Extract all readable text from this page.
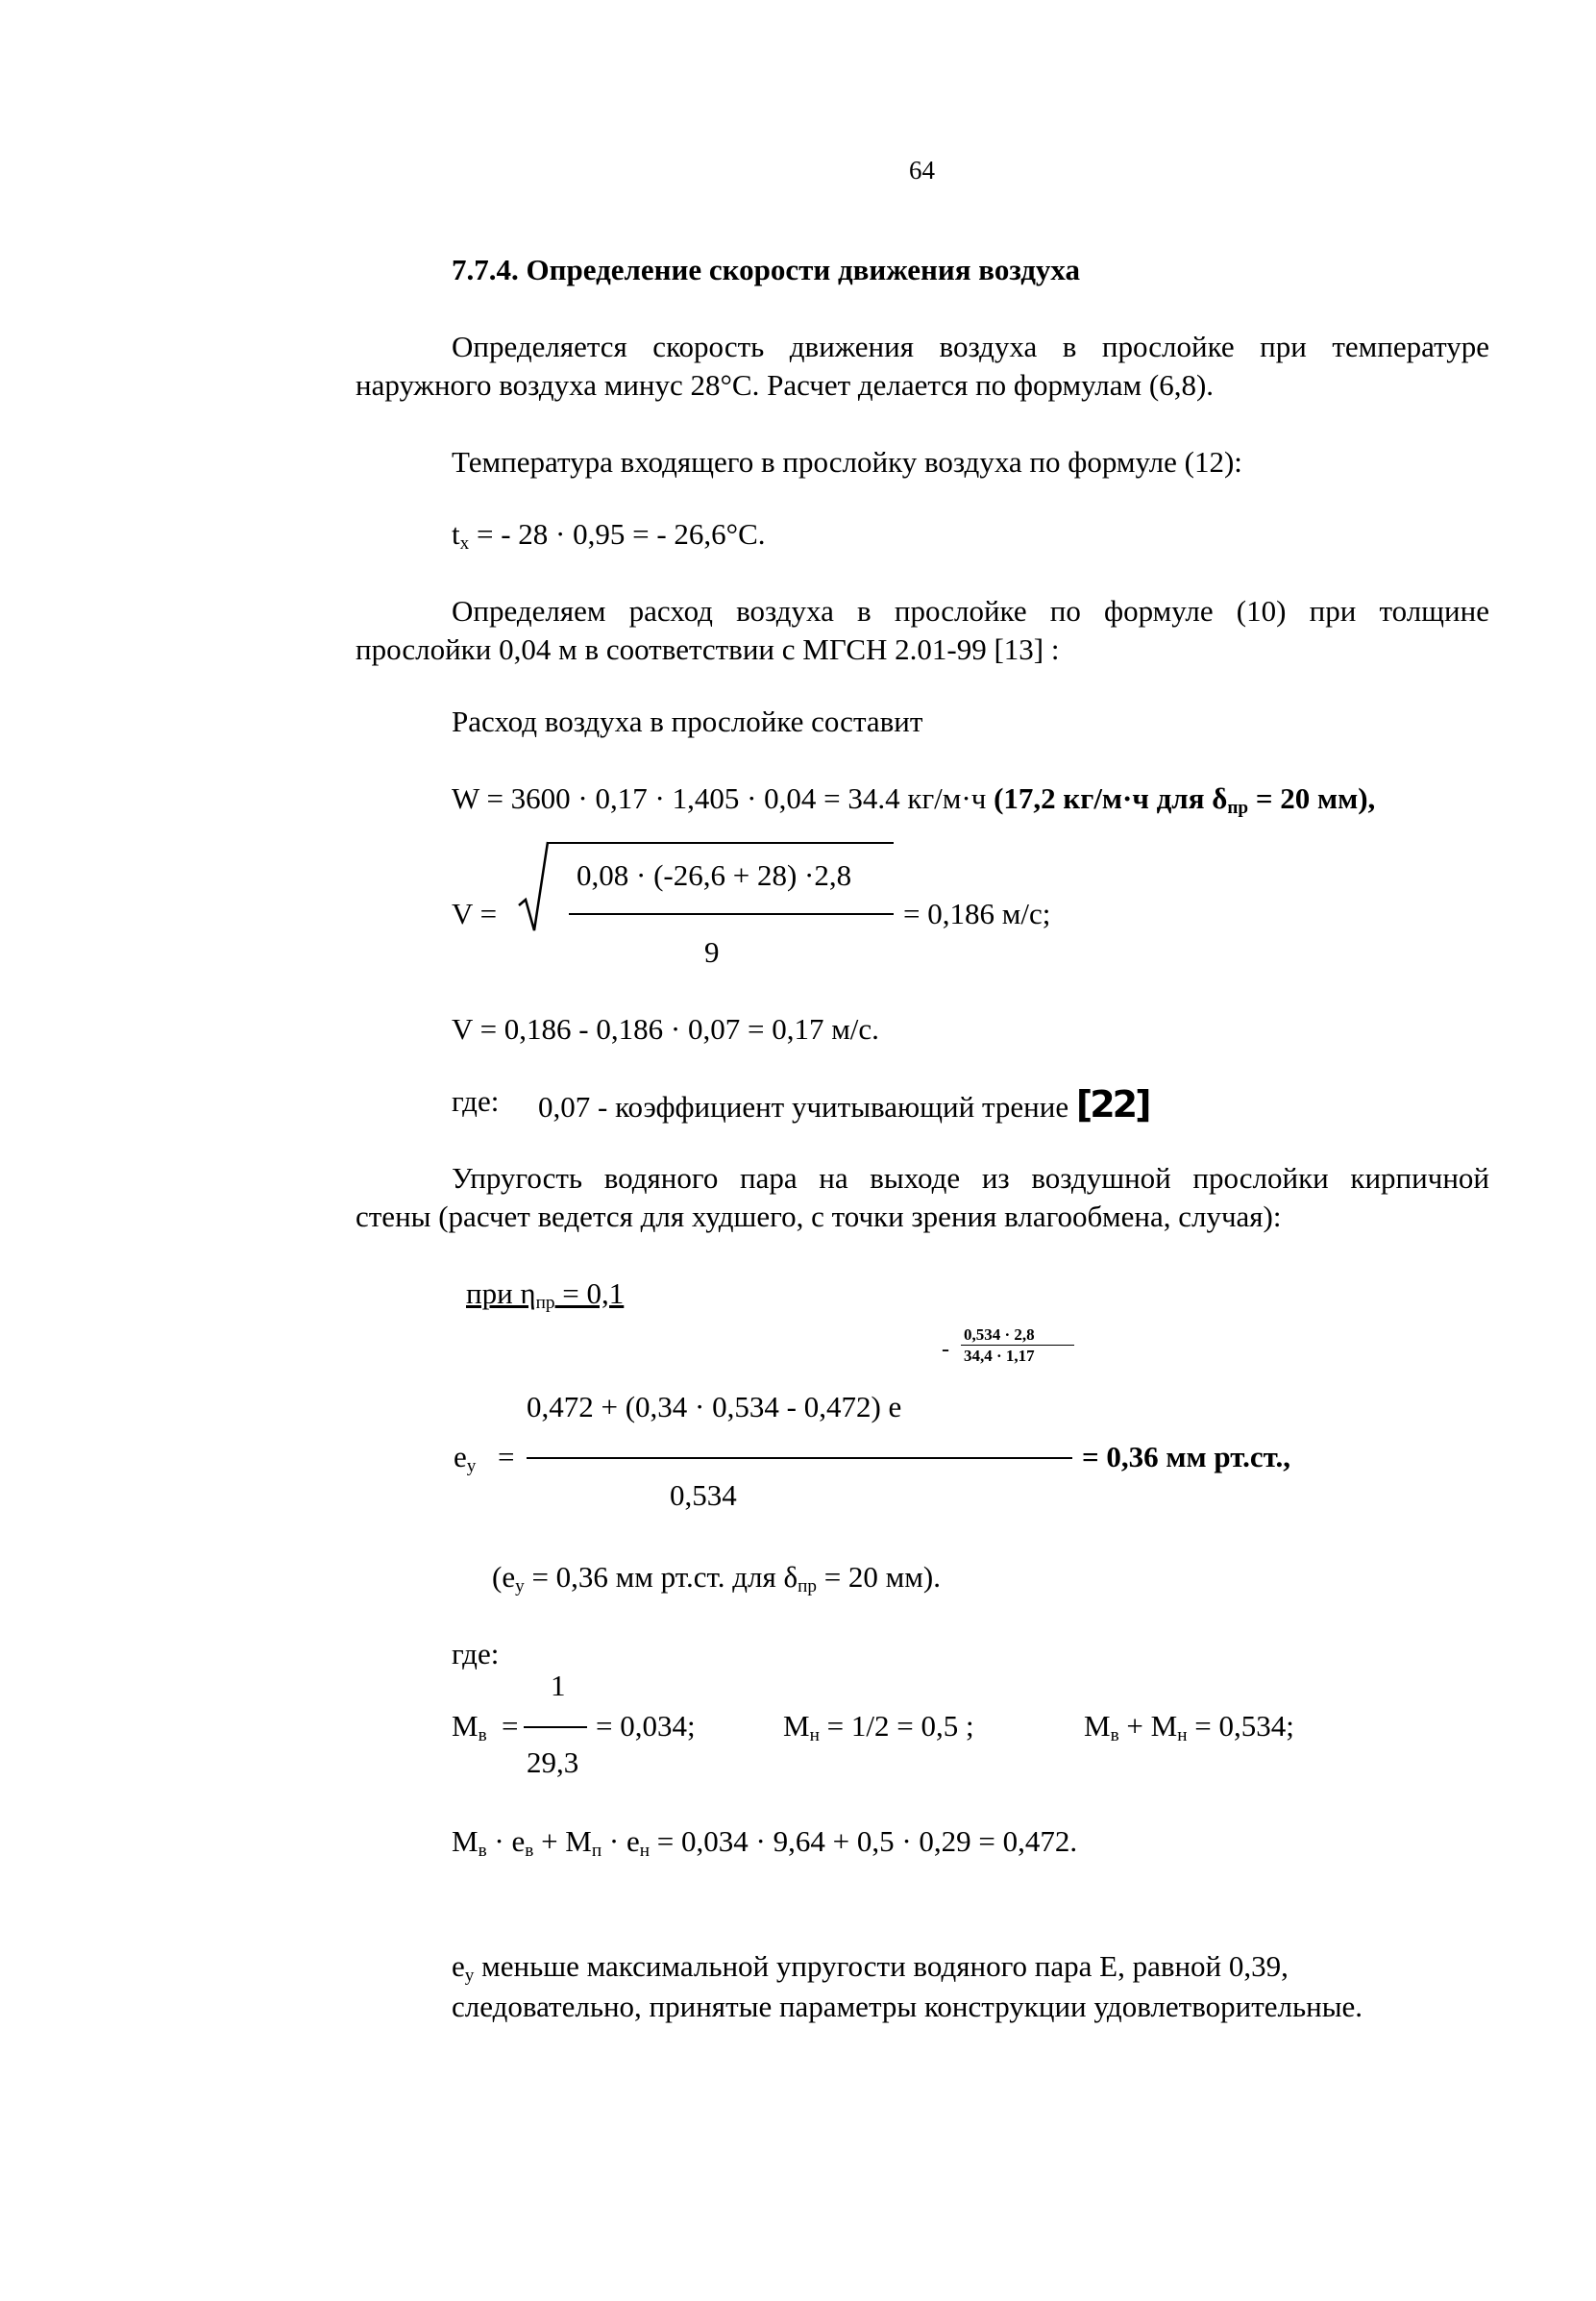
64
7.7.4. Определение скорости движения воздуха
Определяется скорость движения воздуха в прослойке при температуре
наружного воздуха минус 28°С. Расчет делается по формулам (6,8).
Температура входящего в прослойку воздуха по формуле (12):
$t_x$ = - 28 · 0,95 = - 26,6°С.
Определяем расход воздуха в прослойке по формуле (10) при толщине
прослойки 0,04 м в соответствии с МГСН 2.01-99 [13] :
Расход воздуха в прослойке составит
W = 3600 · 0,17 · 1,405 · 0,04 = 34.4 кг/м·ч (17,2 кг/м·ч для $\delta_{пр} = 20$ мм),
V =
0,08 · (-26,6 + 28) ·2,8
9
= 0,186 м/с;
V = 0,186 - 0,186 · 0,07 = 0,17 м/с.
где: 0,07 - коэффициент учитывающий трение [22]
Упругость водяного пара на выходе из воздушной прослойки кирпичной
стены (расчет ведется для худшего, с точки зрения влагообмена, случая):
при $\eta_{пр} = 0,1$
-
0,534 · 2,8
34,4 · 1,17
0,472 + (0,34 · 0,534 - 0,472) e
$e_у$ =
0,534
= 0,36 мм рт.ст.,
($e_у = 0,36$ мм рт.ст. для $\delta_{пр} = 20$ мм).
где:
1
$M_в$ =
29,3
= 0,034;	$M_н = 1/2 = 0,5$ ;	$M_в + M_н = 0,534$;
$M_в \cdot e_в + M_п \cdot e_н = 0,034 \cdot 9,64 + 0,5 \cdot 0,29 = 0,472$.
$e_у$ меньше максимальной упругости водяного пара Е, равной 0,39,
следовательно, принятые параметры конструкции удовлетворительные.
